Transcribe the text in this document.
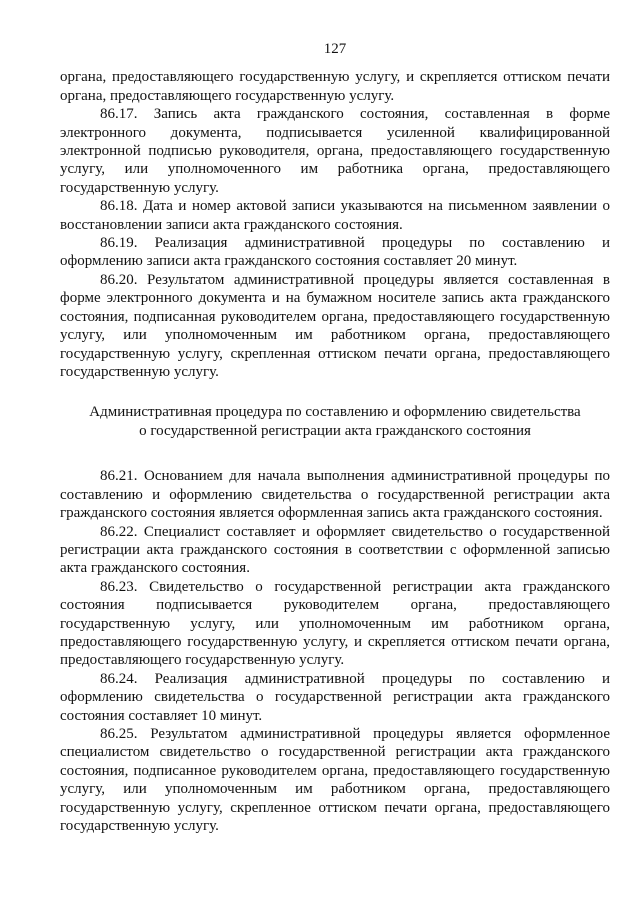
127

органа, предоставляющего государственную услугу, и скрепляется оттиском печати органа, предоставляющего государственную услугу.

86.17. Запись акта гражданского состояния, составленная в форме электронного документа, подписывается усиленной квалифицированной электронной подписью руководителя, органа, предоставляющего государственную услугу, или уполномоченного им работника органа, предоставляющего государственную услугу.

86.18. Дата и номер актовой записи указываются на письменном заявлении о восстановлении записи акта гражданского состояния.

86.19. Реализация административной процедуры по составлению и оформлению записи акта гражданского состояния составляет 20 минут.

86.20. Результатом административной процедуры является составленная в форме электронного документа и на бумажном носителе запись акта гражданского состояния, подписанная руководителем органа, предоставляющего государственную услугу, или уполномоченным им работником органа, предоставляющего государственную услугу, скрепленная оттиском печати органа, предоставляющего государственную услугу.

Административная процедура по составлению и оформлению свидетельства
о государственной регистрации акта гражданского состояния

86.21. Основанием для начала выполнения административной процедуры по составлению и оформлению свидетельства о государственной регистрации акта гражданского состояния является оформленная запись акта гражданского состояния.

86.22. Специалист составляет и оформляет свидетельство о государственной регистрации акта гражданского состояния в соответствии с оформленной записью акта гражданского состояния.

86.23. Свидетельство о государственной регистрации акта гражданского состояния подписывается руководителем органа, предоставляющего государственную услугу, или уполномоченным им работником органа, предоставляющего государственную услугу, и скрепляется оттиском печати органа, предоставляющего государственную услугу.

86.24. Реализация административной процедуры по составлению и оформлению свидетельства о государственной регистрации акта гражданского состояния составляет 10 минут.

86.25. Результатом административной процедуры является оформленное специалистом свидетельство о государственной регистрации акта гражданского состояния, подписанное руководителем органа, предоставляющего государственную услугу, или уполномоченным им работником органа, предоставляющего государственную услугу, скрепленное оттиском печати органа, предоставляющего государственную услугу.
